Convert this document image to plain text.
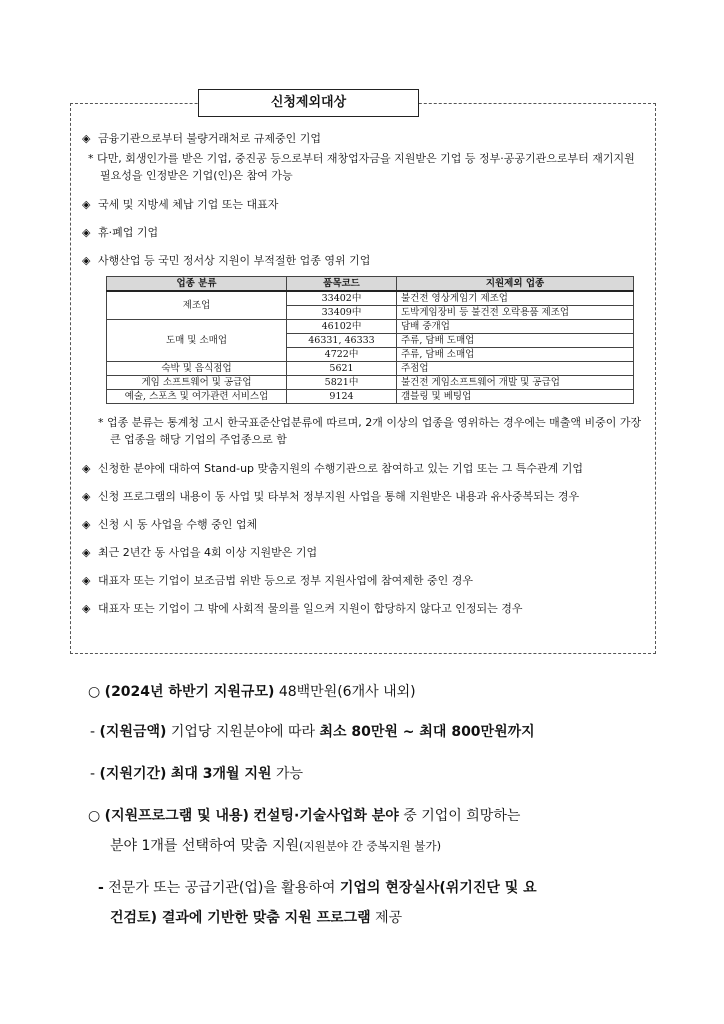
신청제외대상
◈ 금융기관으로부터 불량거래처로 규제중인 기업
* 다만, 회생인가를 받은 기업, 중진공 등으로부터 재창업자금을 지원받은 기업 등 정부·공공기관으로부터 재기지원 필요성을 인정받은 기업(인)은 참여 가능
◈ 국세 및 지방세 체납 기업 또는 대표자
◈ 휴·폐업 기업
◈ 사행산업 등 국민 정서상 지원이 부적절한 업종 영위 기업
업종 분류	품목코드	지원제외 업종
제조업	33402中	불건전 영상게임기 제조업
	33409中	도박게임장비 등 불건전 오락용품 제조업
도매 및 소매업	46102中	담배 중개업
	46331, 46333	주류, 담배 도매업
	4722中	주류, 담배 소매업
숙박 및 음식점업	5621	주점업
게임 소프트웨어 및 공급업	5821中	불건전 게임소프트웨어 개발 및 공급업
예술, 스포츠 및 여가관련 서비스업	9124	갬블링 및 베팅업
* 업종 분류는 통계청 고시 한국표준산업분류에 따르며, 2개 이상의 업종을 영위하는 경우에는 매출액 비중이 가장 큰 업종을 해당 기업의 주업종으로 함
◈ 신청한 분야에 대하여 Stand-up 맞춤지원의 수행기관으로 참여하고 있는 기업 또는 그 특수관계 기업
◈ 신청 프로그램의 내용이 동 사업 및 타부처 정부지원 사업을 통해 지원받은 내용과 유사중복되는 경우
◈ 신청 시 동 사업을 수행 중인 업체
◈ 최근 2년간 동 사업을 4회 이상 지원받은 기업
◈ 대표자 또는 기업이 보조금법 위반 등으로 정부 지원사업에 참여제한 중인 경우
◈ 대표자 또는 기업이 그 밖에 사회적 물의를 일으켜 지원이 합당하지 않다고 인정되는 경우
○ (2024년 하반기 지원규모) 48백만원(6개사 내외)
- (지원금액) 기업당 지원분야에 따라 최소 80만원 ~ 최대 800만원까지
- (지원기간) 최대 3개월 지원 가능
○ (지원프로그램 및 내용) 컨설팅·기술사업화 분야 중 기업이 희망하는
분야 1개를 선택하여 맞춤 지원(지원분야 간 중복지원 불가)
- 전문가 또는 공급기관(업)을 활용하여 기업의 현장실사(위기진단 및 요
건검토) 결과에 기반한 맞춤 지원 프로그램 제공
